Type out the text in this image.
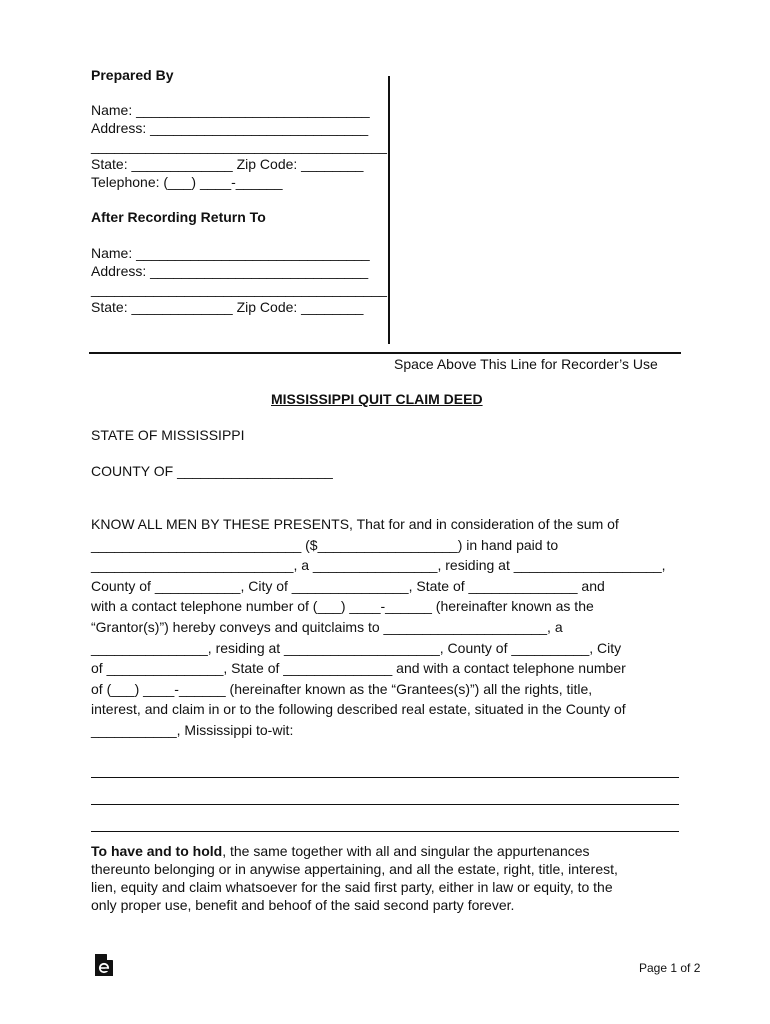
Prepared By
Name: ______________________________
Address: ____________________________
______________________________________
State: _____________ Zip Code: ________
Telephone: (___) ____-______
After Recording Return To
Name: ______________________________
Address: ____________________________
______________________________________
State: _____________ Zip Code: ________
Space Above This Line for Recorder’s Use
MISSISSIPPI QUIT CLAIM DEED
STATE OF MISSISSIPPI
COUNTY OF ____________________
KNOW ALL MEN BY THESE PRESENTS, That for and in consideration of the sum of
___________________________ ($__________________) in hand paid to
__________________________, a ________________, residing at ___________________,
County of ___________, City of _______________, State of ______________ and
with a contact telephone number of (___) ____-______ (hereinafter known as the
“Grantor(s)”) hereby conveys and quitclaims to _____________________, a
_______________, residing at ____________________, County of __________, City
of _______________, State of ______________ and with a contact telephone number
of (___) ____-______ (hereinafter known as the “Grantees(s)”) all the rights, title,
interest, and claim in or to the following described real estate, situated in the County of
___________, Mississippi to-wit:
To have and to hold, the same together with all and singular the appurtenances
thereunto belonging or in anywise appertaining, and all the estate, right, title, interest,
lien, equity and claim whatsoever for the said first party, either in law or equity, to the
only proper use, benefit and behoof of the said second party forever.
Page 1 of 2
